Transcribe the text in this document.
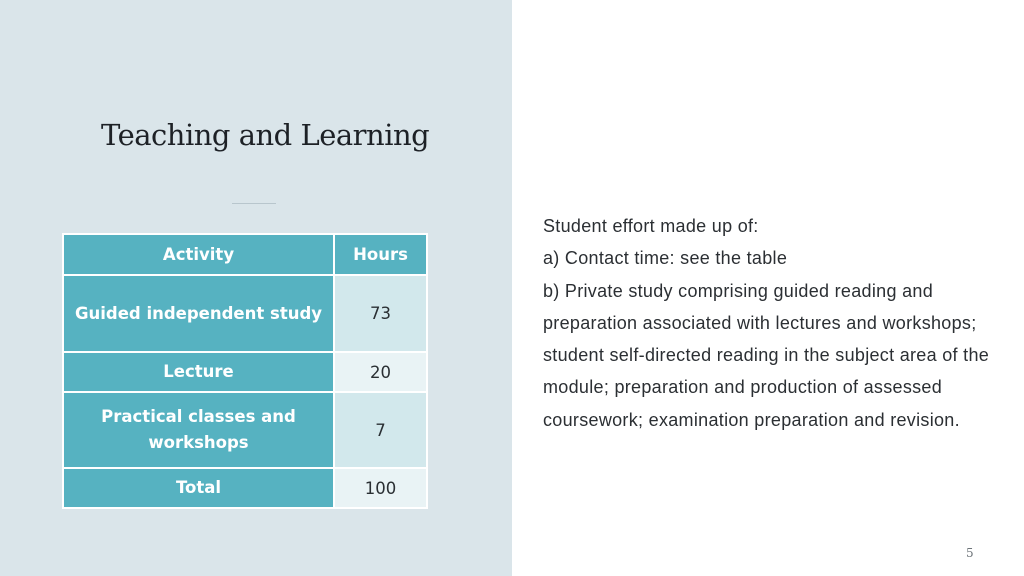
Teaching and Learning
Activity	Hours
Guided independent study	73
Lecture	20
Practical classes and workshops	7
Total	100

Student effort made up of:

a) Contact time: see the table

b) Private study comprising guided reading and preparation associated with lectures and workshops; student self-directed reading in the subject area of the module; preparation and production of assessed coursework; examination preparation and revision.

5
